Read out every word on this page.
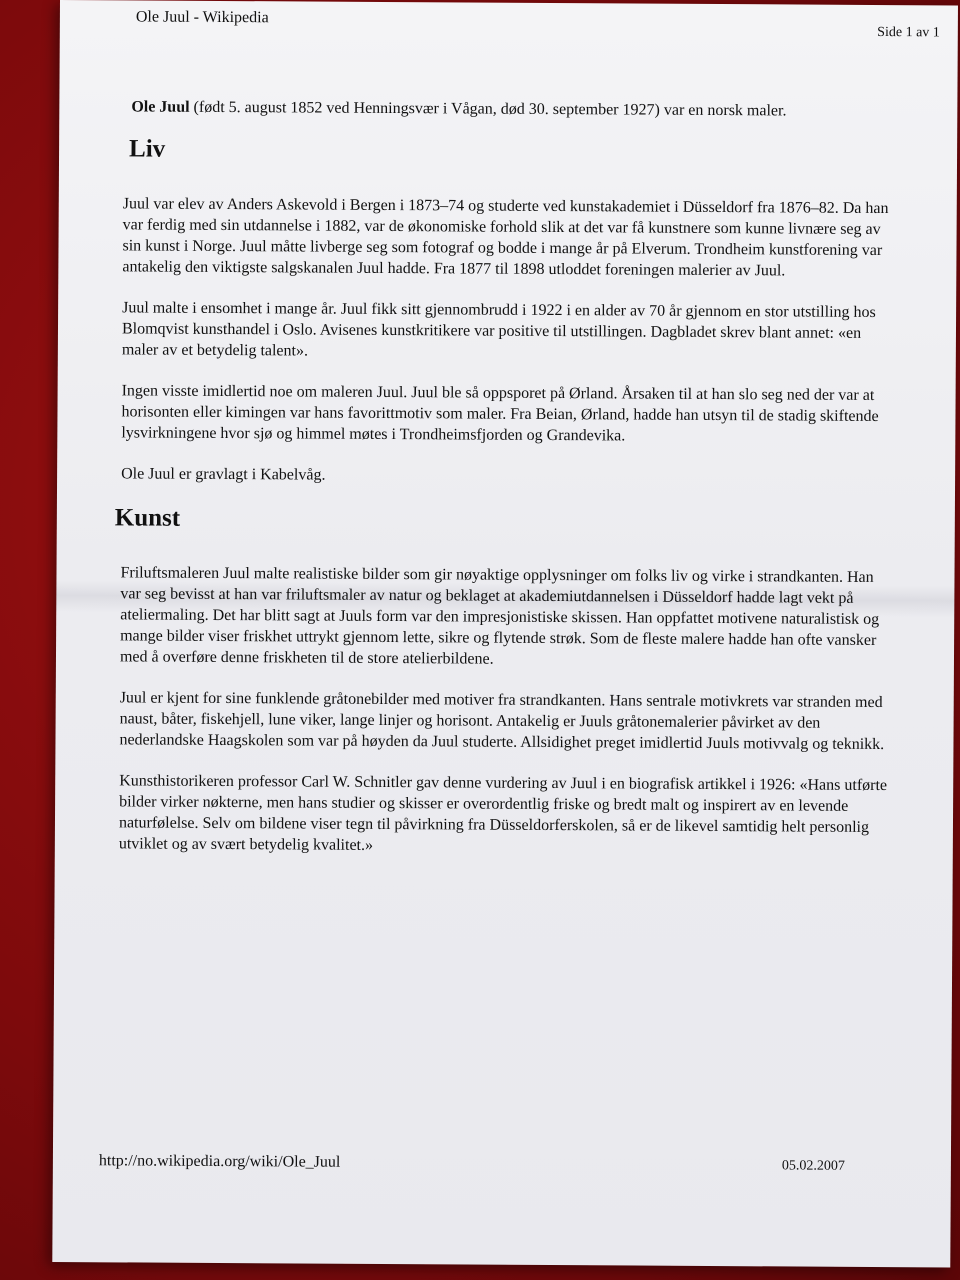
Ole Juul - Wikipedia
Side 1 av 1

Ole Juul (født 5. august 1852 ved Henningsvær i Vågan, død 30. september 1927) var en norsk maler.

Liv

Juul var elev av Anders Askevold i Bergen i 1873–74 og studerte ved kunstakademiet i Düsseldorf fra 1876–82. Da han var ferdig med sin utdannelse i 1882, var de økonomiske forhold slik at det var få kunstnere som kunne livnære seg av sin kunst i Norge. Juul måtte livberge seg som fotograf og bodde i mange år på Elverum. Trondheim kunstforening var antakelig den viktigste salgskanalen Juul hadde. Fra 1877 til 1898 utloddet foreningen malerier av Juul.

Juul malte i ensomhet i mange år. Juul fikk sitt gjennombrudd i 1922 i en alder av 70 år gjennom en stor utstilling hos Blomqvist kunsthandel i Oslo. Avisenes kunstkritikere var positive til utstillingen. Dagbladet skrev blant annet: «en maler av et betydelig talent».

Ingen visste imidlertid noe om maleren Juul. Juul ble så oppsporet på Ørland. Årsaken til at han slo seg ned der var at horisonten eller kimingen var hans favorittmotiv som maler. Fra Beian, Ørland, hadde han utsyn til de stadig skiftende lysvirkningene hvor sjø og himmel møtes i Trondheimsfjorden og Grandevika.

Ole Juul er gravlagt i Kabelvåg.

Kunst

Friluftsmaleren Juul malte realistiske bilder som gir nøyaktige opplysninger om folks liv og virke i strandkanten. Han var seg bevisst at han var friluftsmaler av natur og beklaget at akademiutdannelsen i Düsseldorf hadde lagt vekt på ateliermaling. Det har blitt sagt at Juuls form var den impresjonistiske skissen. Han oppfattet motivene naturalistisk og mange bilder viser friskhet uttrykt gjennom lette, sikre og flytende strøk. Som de fleste malere hadde han ofte vansker med å overføre denne friskheten til de store atelierbildene.

Juul er kjent for sine funklende gråtonebilder med motiver fra strandkanten. Hans sentrale motivkrets var stranden med naust, båter, fiskehjell, lune viker, lange linjer og horisont. Antakelig er Juuls gråtonemalerier påvirket av den nederlandske Haagskolen som var på høyden da Juul studerte. Allsidighet preget imidlertid Juuls motivvalg og teknikk.

Kunsthistorikeren professor Carl W. Schnitler gav denne vurdering av Juul i en biografisk artikkel i 1926: «Hans utførte bilder virker nøkterne, men hans studier og skisser er overordentlig friske og bredt malt og inspirert av en levende naturfølelse. Selv om bildene viser tegn til påvirkning fra Düsseldorferskolen, så er de likevel samtidig helt personlig utviklet og av svært betydelig kvalitet.»

http://no.wikipedia.org/wiki/Ole_Juul	05.02.2007
